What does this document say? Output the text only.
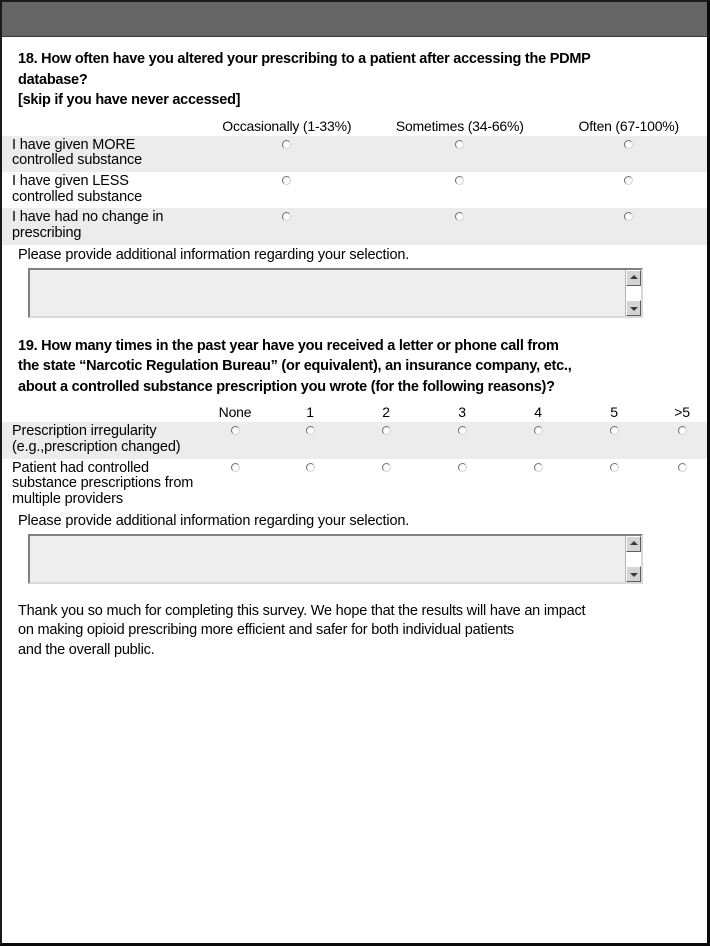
18. How often have you altered your prescribing to a patient after accessing the PDMP
database?
[skip if you have never accessed]
	Occasionally (1-33%)	Sometimes (34-66%)	Often (67-100%)
I have given MORE
controlled substance			
I have given LESS
controlled substance			
I have had no change in
prescribing			
Please provide additional information regarding your selection.
19. How many times in the past year have you received a letter or phone call from
the state “Narcotic Regulation Bureau” (or equivalent), an insurance company, etc.,
about a controlled substance prescription you wrote (for the following reasons)?
	None	1	2	3	4	5	>5
Prescription irregularity
(e.g.,prescription changed)							
Patient had controlled
substance prescriptions from
multiple providers							
Please provide additional information regarding your selection.
Thank you so much for completing this survey. We hope that the results will have an impact
on making opioid prescribing more efficient and safer for both individual patients
and the overall public.
